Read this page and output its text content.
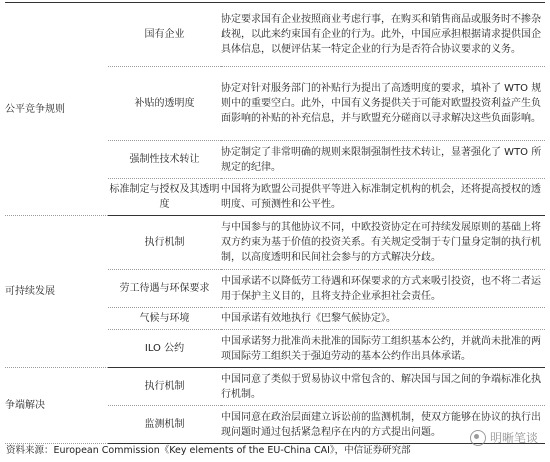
公平竞争规则	国有企业	协定要求国有企业按照商业考虑行事，在购买和销售商品或服务时不掺杂歧视，以此来约束国有企业的行为。此外，中国应承担根据请求提供国企具体信息，以便评估某一特定企业的行为是否符合协议要求的义务。
	补贴的透明度	协定对针对服务部门的补贴行为提出了高透明度的要求，填补了 WTO 规则中的重要空白。此外，中国有义务提供关于可能对欧盟投资利益产生负面影响的补贴的补充信息，并与欧盟充分磋商以寻求解决这些负面影响。
	强制性技术转让	协定制定了非常明确的规则来限制强制性技术转让，显著强化了 WTO 所规定的纪律。
	标准制定与授权及其透明度	中国将为欧盟公司提供平等进入标准制定机构的机会，还将提高授权的透明度、可预测性和公平性。
可持续发展	执行机制	与中国参与的其他协议不同，中欧投资协定在可持续发展原则的基础上将双方约束为基于价值的投资关系。有关规定受制于专门量身定制的执行机制，以高度透明和民间社会参与的方式解决分歧。
	劳工待遇与环保要求	中国承诺不以降低劳工待遇和环保要求的方式来吸引投资，也不将二者运用于保护主义目的，且将支持企业承担社会责任。
	气候与环境	中国承诺有效地执行《巴黎气候协定》。
	ILO 公约	中国承诺努力批准尚未批准的国际劳工组织基本公约，并就尚未批准的两项国际劳工组织关于强迫劳动的基本公约作出具体承诺。
争端解决	执行机制	中国同意了类似于贸易协议中常包含的、解决国与国之间的争端标准化执行机制。
	监测机制	中国同意在政治层面建立诉讼前的监测机制，使双方能够在协议的执行出现问题时通过包括紧急程序在内的方式提出问题。	明晰笔谈
资料来源：European Commission《Key elements of the EU-China CAI》，中信证券研究部
